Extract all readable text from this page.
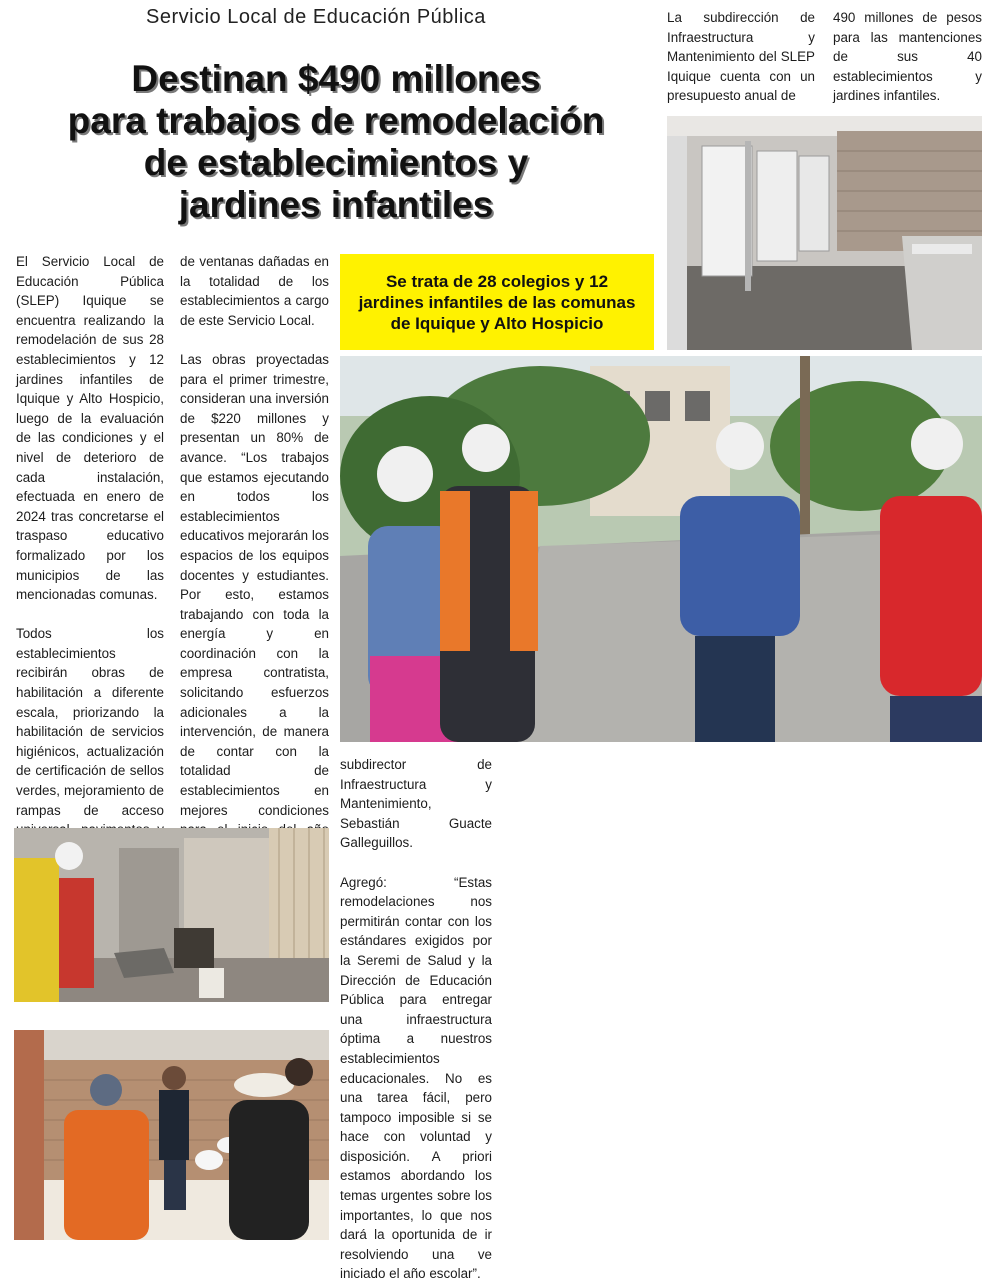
Servicio Local de Educación Pública
Destinan $490 millones
para trabajos de remodelación
de establecimientos y
jardines infantiles
La subdirección de Infraestructura y Mantenimiento del SLEP Iquique cuenta con un presupuesto anual de
490 millones de pesos para las mantenciones de sus 40 establecimientos y jardines infantiles.
Se trata de 28 colegios y 12 jardines infantiles de las comunas de Iquique y Alto Hospicio

El Servicio Local de Educación Pública (SLEP) Iquique se encuentra realizando la remodelación de sus 28 establecimientos y 12 jardines infantiles de Iquique y Alto Hospicio, luego de la evaluación de las condiciones y el nivel de deterioro de cada instalación, efectuada en enero de 2024 tras concretarse el traspaso educativo formalizado por los municipios de las mencionadas comunas.

Todos los establecimientos recibirán obras de habilitación a diferente escala, priorizando la habilitación de servicios higiénicos, actualización de certificación de sellos verdes, mejoramiento de rampas de acceso

de ventanas dañadas en la totalidad de los establecimientos a cargo de este Servicio Local.

Las obras proyectadas para el primer trimestre, consideran una inversión de $220 millones y presentan un 80% de avance. “Los trabajos que estamos ejecutando en todos los establecimientos educativos mejorarán los espacios de los equipos docentes y estudiantes. Por esto, estamos trabajando con toda la energía y en coordinación con la empresa contratista, solicitando esfuerzos adicionales a la intervención, de manera de contar con la totalidad de establecimientos en mejores condiciones

subdirector de Infraestructura y Mantenimiento, Sebastián Guacte Galleguillos.

Agregó: “Estas remodelaciones nos permitirán contar con los estándares exigidos por la Seremi de Salud y la Dirección de Educación Pública para entregar una infraestructura óptima a nuestros establecimientos educacionales. No es una tarea fácil, pero tampoco imposible si se hace con voluntad y disposición. A priori estamos abordando los temas urgentes sobre los importantes, lo que nos dará la oportunida de ir resolviendo una ve iniciado el año escolar”.
